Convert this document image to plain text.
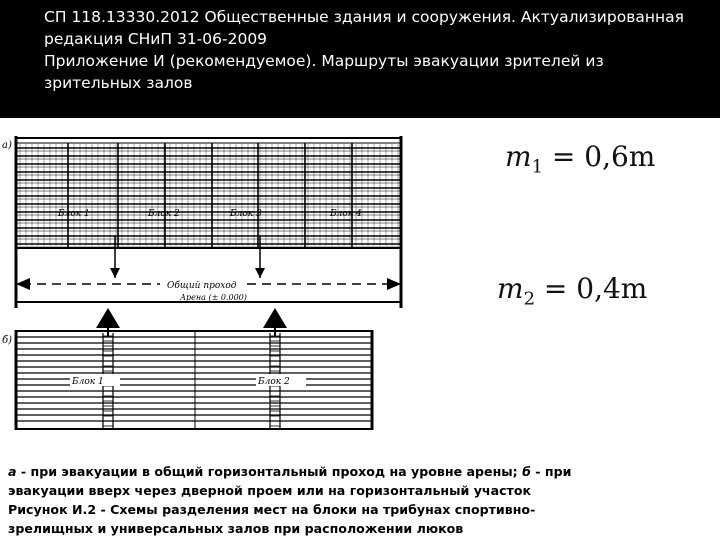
СП 118.13330.2012 Общественные здания и сооружения. Актуализированная
редакция СНиП 31-06-2009
Приложение И (рекомендуемое). Маршруты эвакуации зрителей из
зрительных залов
а)
Блок 1	Блок 2	Блок 3	Блок 4
Общий проход
Арена (± 0.000)
б)
Блок 1	Блок 2
$m_1 = 0,6m$
$m_2 = 0,4m$
а - при эвакуации в общий горизонтальный проход на уровне арены; б - при
эвакуации вверх через дверной проем или на горизонтальный участок
Рисунок И.2 - Схемы разделения мест на блоки на трибунах спортивно-
зрелищных и универсальных залов при расположении люков
